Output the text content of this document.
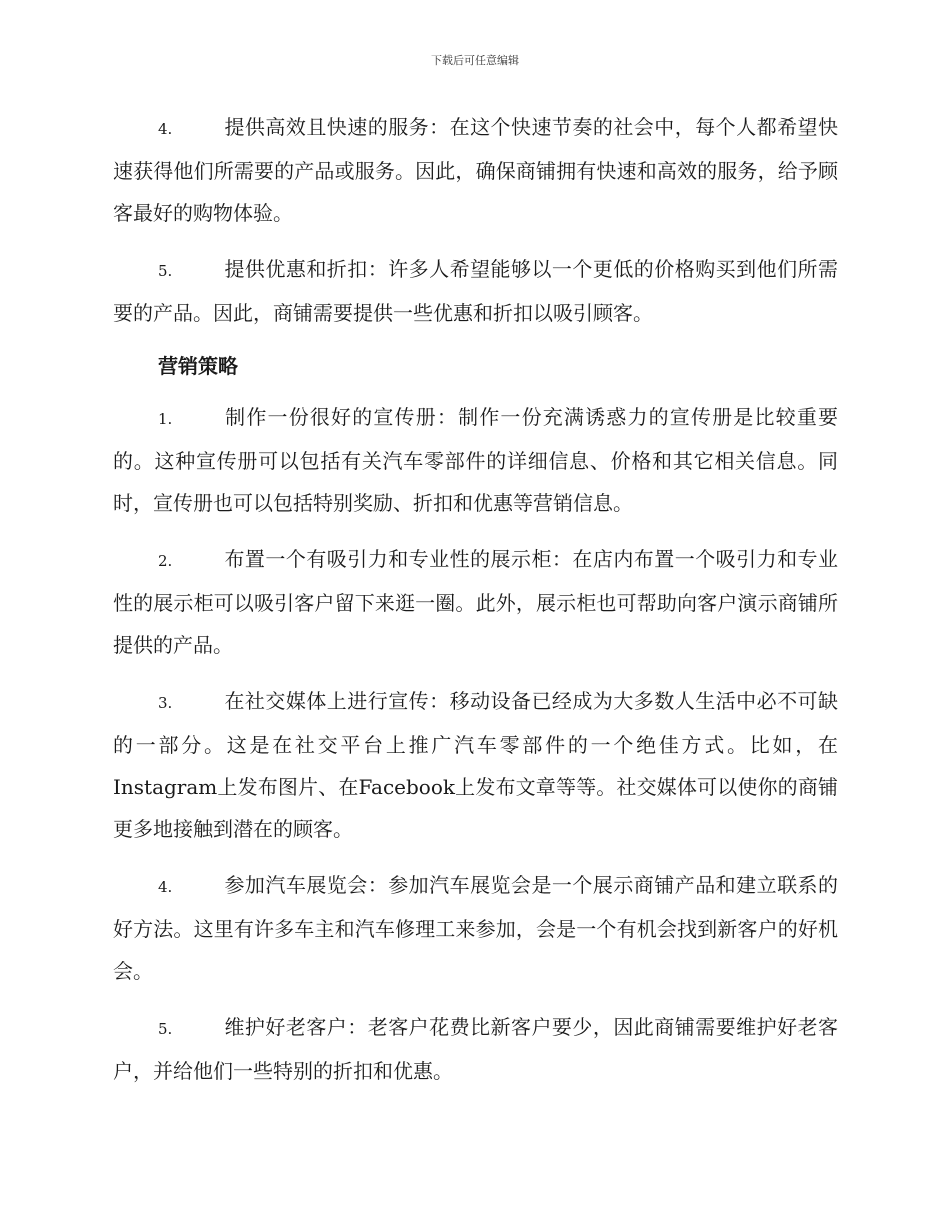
下载后可任意编辑

4.	提供高效且快速的服务：在这个快速节奏的社会中，每个人都希望快速获得他们所需要的产品或服务。因此，确保商铺拥有快速和高效的服务，给予顾客最好的购物体验。

5.	提供优惠和折扣：许多人希望能够以一个更低的价格购买到他们所需要的产品。因此，商铺需要提供一些优惠和折扣以吸引顾客。

营销策略

1.	制作一份很好的宣传册：制作一份充满诱惑力的宣传册是比较重要的。这种宣传册可以包括有关汽车零部件的详细信息、价格和其它相关信息。同时，宣传册也可以包括特别奖励、折扣和优惠等营销信息。

2.	布置一个有吸引力和专业性的展示柜：在店内布置一个吸引力和专业性的展示柜可以吸引客户留下来逛一圈。此外，展示柜也可帮助向客户演示商铺所提供的产品。

3.	在社交媒体上进行宣传：移动设备已经成为大多数人生活中必不可缺的一部分。这是在社交平台上推广汽车零部件的一个绝佳方式。比如，在Instagram上发布图片、在Facebook上发布文章等等。社交媒体可以使你的商铺更多地接触到潜在的顾客。

4.	参加汽车展览会：参加汽车展览会是一个展示商铺产品和建立联系的好方法。这里有许多车主和汽车修理工来参加，会是一个有机会找到新客户的好机会。

5.	维护好老客户：老客户花费比新客户要少，因此商铺需要维护好老客户，并给他们一些特别的折扣和优惠。
